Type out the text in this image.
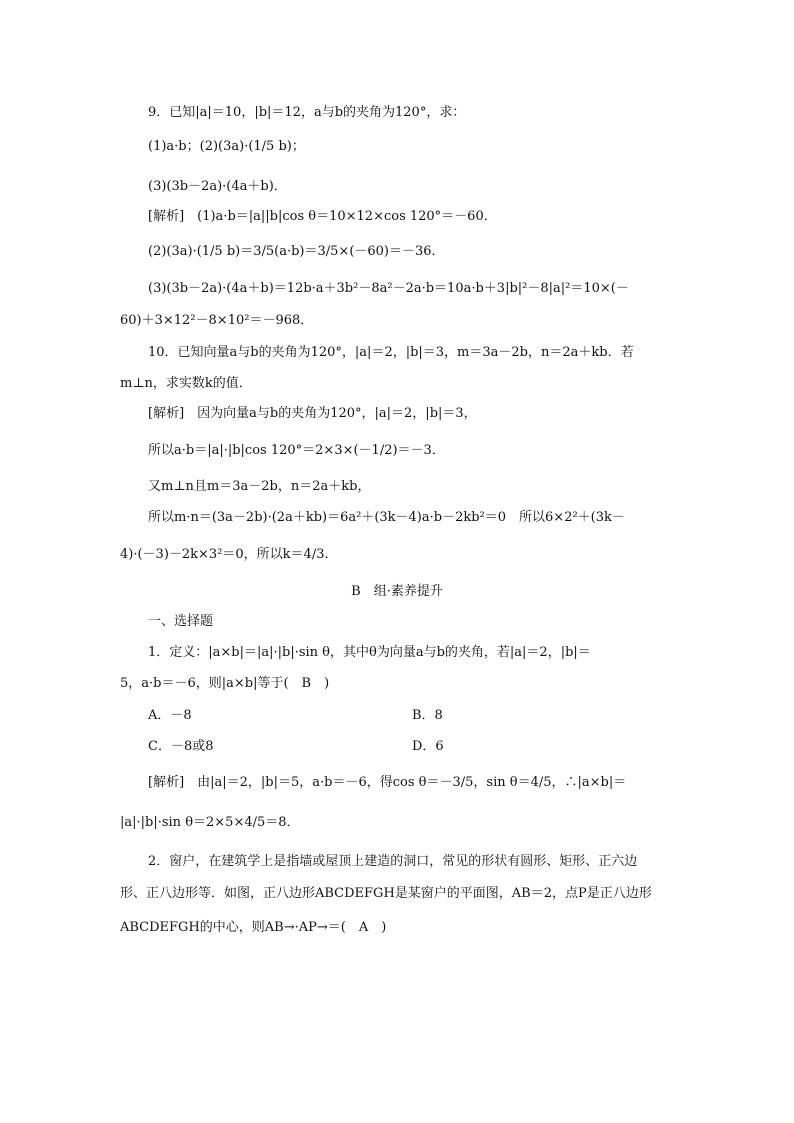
9．已知|a|＝10，|b|＝12，a与b的夹角为120°，求：
(1)a·b；(2)(3a)·(1/5 b)；
(3)(3b－2a)·(4a＋b)．
[解析]　(1)a·b＝|a||b|cos θ＝10×12×cos 120°＝－60．
(2)(3a)·(1/5 b)＝3/5(a·b)＝3/5×(－60)＝－36．
(3)(3b－2a)·(4a＋b)＝12b·a＋3b²－8a²－2a·b＝10a·b＋3|b|²－8|a|²＝10×(－
60)＋3×12²－8×10²＝－968．
10．已知向量a与b的夹角为120°，|a|＝2，|b|＝3，m＝3a－2b，n＝2a＋kb．若
m⊥n，求实数k的值．
[解析]　因为向量a与b的夹角为120°，|a|＝2，|b|＝3，
所以a·b＝|a|·|b|cos 120°＝2×3×(－1/2)＝－3．
又m⊥n且m＝3a－2b，n＝2a＋kb，
所以m·n＝(3a－2b)·(2a＋kb)＝6a²＋(3k－4)a·b－2kb²＝0　所以6×2²＋(3k－
4)·(－3)－2k×3²＝0，所以k＝4/3．
B　组·素养提升
一、选择题
1．定义：|a×b|＝|a|·|b|·sin θ，其中θ为向量a与b的夹角，若|a|＝2，|b|＝
5，a·b＝－6，则|a×b|等于(　B　)
A．－8	B．8
C．－8或8	D．6
[解析]　由|a|＝2，|b|＝5，a·b＝－6，得cos θ＝－3/5，sin θ＝4/5，∴|a×b|＝
|a|·|b|·sin θ＝2×5×4/5＝8．
2．窗户，在建筑学上是指墙或屋顶上建造的洞口，常见的形状有圆形、矩形、正六边
形、正八边形等．如图，正八边形ABCDEFGH是某窗户的平面图，AB＝2，点P是正八边形
ABCDEFGH的中心，则AB→·AP→＝(　A　)
